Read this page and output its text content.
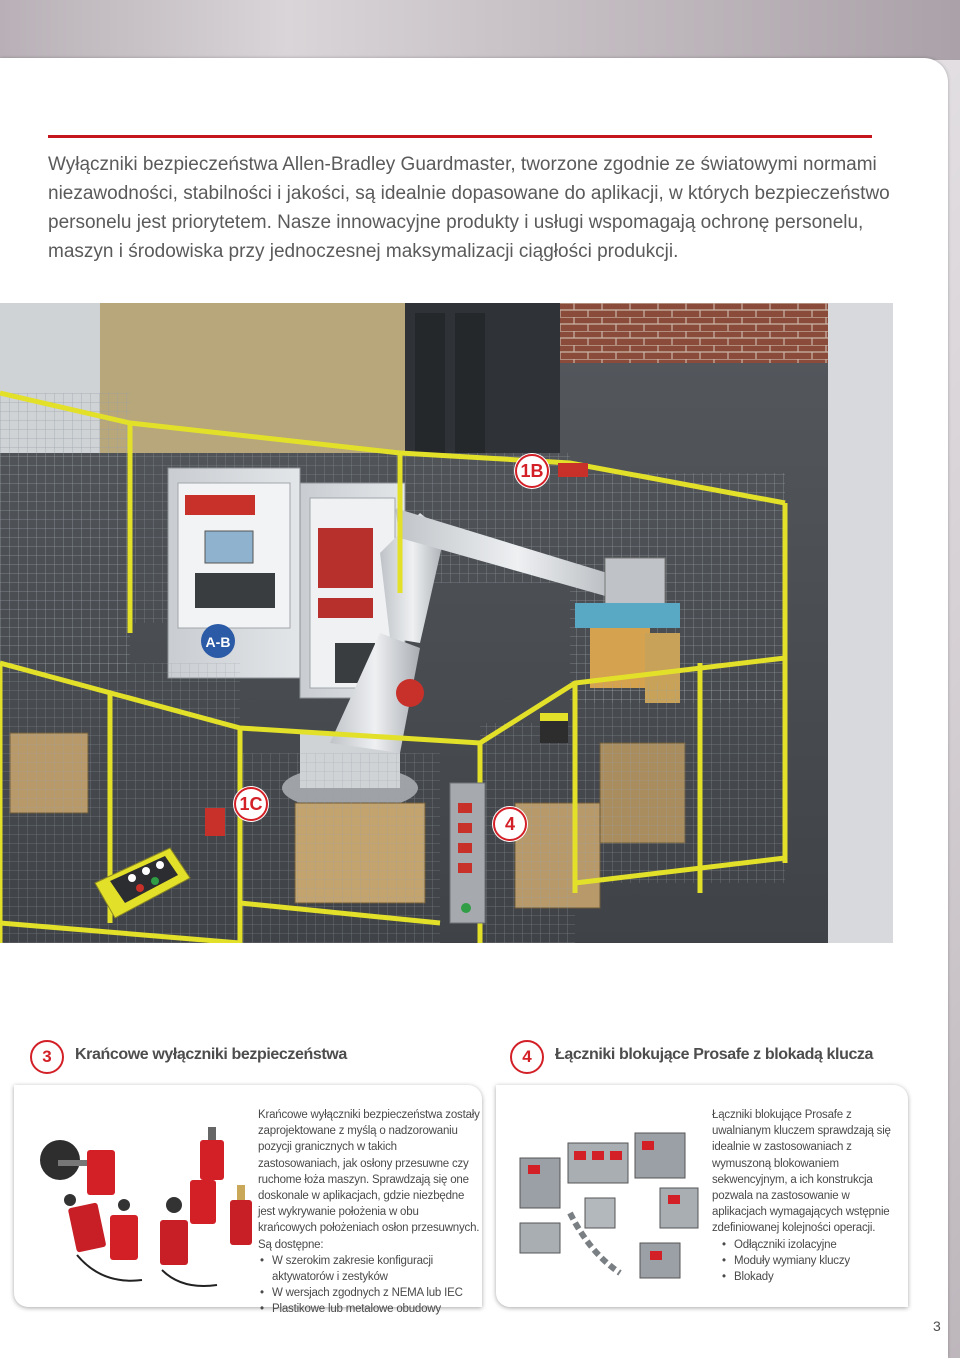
Wyłączniki bezpieczeństwa Allen-Bradley Guardmaster, tworzone zgodnie ze światowymi normami niezawodności, stabilności i jakości, są idealnie dopasowane do aplikacji, w których bezpieczeństwo personelu jest priorytetem. Nasze innowacyjne produkty i usługi wspomagają ochronę personelu, maszyn i środowiska przy jednoczesnej maksymalizacji ciągłości produkcji.

A-B
1B
1C
4
3	Krańcowe wyłączniki bezpieczeństwa	4	Łączniki blokujące Prosafe z blokadą klucza

Krańcowe wyłączniki bezpieczeństwa zostały zaprojektowane z myślą o nadzorowaniu pozycji granicznych w takich zastosowaniach, jak osłony przesuwne czy ruchome łoża maszyn. Sprawdzają się one doskonale w aplikacjach, gdzie niezbędne jest wykrywanie położenia w obu krańcowych położeniach osłon przesuwnych. Są dostępne:

• W szerokim zakresie konfiguracji aktywatorów i zestyków
• W wersjach zgodnych z NEMA lub IEC
• Plastikowe lub metalowe obudowy

Łączniki blokujące Prosafe z uwalnianym kluczem sprawdzają się idealnie w zastosowaniach z wymuszoną blokowaniem sekwencyjnym, a ich konstrukcja pozwala na zastosowanie w aplikacjach wymagających wstępnie zdefiniowanej kolejności operacji.

• Odłączniki izolacyjne
• Moduły wymiany kluczy
• Blokady
3
